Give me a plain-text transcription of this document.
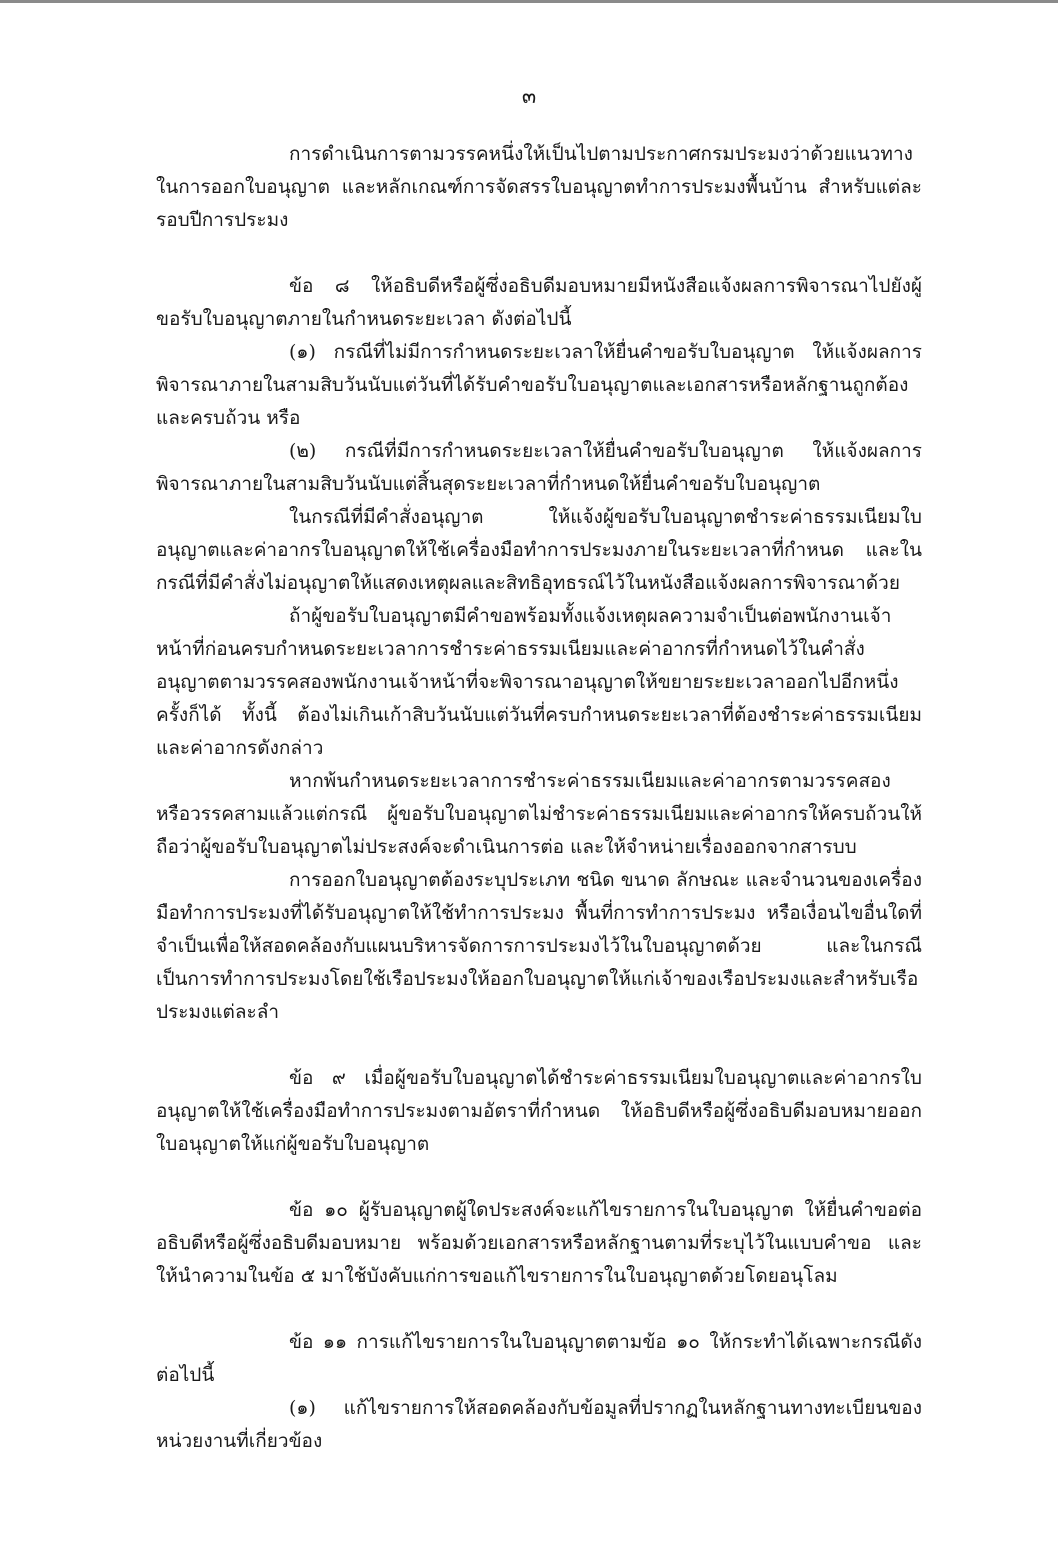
๓

การดำเนินการตามวรรคหนึ่งให้เป็นไปตามประกาศกรมประมงว่าด้วยแนวทางในการออกใบอนุญาต และหลักเกณฑ์การจัดสรรใบอนุญาตทำการประมงพื้นบ้าน สำหรับแต่ละรอบปีการประมง

ข้อ ๘ ให้อธิบดีหรือผู้ซึ่งอธิบดีมอบหมายมีหนังสือแจ้งผลการพิจารณาไปยังผู้ขอรับใบอนุญาตภายในกำหนดระยะเวลา ดังต่อไปนี้

(๑) กรณีที่ไม่มีการกำหนดระยะเวลาให้ยื่นคำขอรับใบอนุญาต ให้แจ้งผลการพิจารณาภายในสามสิบวันนับแต่วันที่ได้รับคำขอรับใบอนุญาตและเอกสารหรือหลักฐานถูกต้องและครบถ้วน หรือ

(๒) กรณีที่มีการกำหนดระยะเวลาให้ยื่นคำขอรับใบอนุญาต ให้แจ้งผลการพิจารณาภายในสามสิบวันนับแต่สิ้นสุดระยะเวลาที่กำหนดให้ยื่นคำขอรับใบอนุญาต

ในกรณีที่มีคำสั่งอนุญาต ให้แจ้งผู้ขอรับใบอนุญาตชำระค่าธรรมเนียมใบอนุญาตและค่าอากรใบอนุญาตให้ใช้เครื่องมือทำการประมงภายในระยะเวลาที่กำหนด และในกรณีที่มีคำสั่งไม่อนุญาตให้แสดงเหตุผลและสิทธิอุทธรณ์ไว้ในหนังสือแจ้งผลการพิจารณาด้วย

ถ้าผู้ขอรับใบอนุญาตมีคำขอพร้อมทั้งแจ้งเหตุผลความจำเป็นต่อพนักงานเจ้าหน้าที่ก่อนครบกำหนดระยะเวลาการชำระค่าธรรมเนียมและค่าอากรที่กำหนดไว้ในคำสั่งอนุญาตตามวรรคสองพนักงานเจ้าหน้าที่จะพิจารณาอนุญาตให้ขยายระยะเวลาออกไปอีกหนึ่งครั้งก็ได้ ทั้งนี้ ต้องไม่เกินเก้าสิบวันนับแต่วันที่ครบกำหนดระยะเวลาที่ต้องชำระค่าธรรมเนียมและค่าอากรดังกล่าว

หากพ้นกำหนดระยะเวลาการชำระค่าธรรมเนียมและค่าอากรตามวรรคสองหรือวรรคสามแล้วแต่กรณี ผู้ขอรับใบอนุญาตไม่ชำระค่าธรรมเนียมและค่าอากรให้ครบถ้วนให้ถือว่าผู้ขอรับใบอนุญาตไม่ประสงค์จะดำเนินการต่อ และให้จำหน่ายเรื่องออกจากสารบบ

การออกใบอนุญาตต้องระบุประเภท ชนิด ขนาด ลักษณะ และจำนวนของเครื่องมือทำการประมงที่ได้รับอนุญาตให้ใช้ทำการประมง พื้นที่การทำการประมง หรือเงื่อนไขอื่นใดที่จำเป็นเพื่อให้สอดคล้องกับแผนบริหารจัดการการประมงไว้ในใบอนุญาตด้วย และในกรณีเป็นการทำการประมงโดยใช้เรือประมงให้ออกใบอนุญาตให้แก่เจ้าของเรือประมงและสำหรับเรือประมงแต่ละลำ

ข้อ ๙ เมื่อผู้ขอรับใบอนุญาตได้ชำระค่าธรรมเนียมใบอนุญาตและค่าอากรใบอนุญาตให้ใช้เครื่องมือทำการประมงตามอัตราที่กำหนด ให้อธิบดีหรือผู้ซึ่งอธิบดีมอบหมายออกใบอนุญาตให้แก่ผู้ขอรับใบอนุญาต

ข้อ ๑๐ ผู้รับอนุญาตผู้ใดประสงค์จะแก้ไขรายการในใบอนุญาต ให้ยื่นคำขอต่ออธิบดีหรือผู้ซึ่งอธิบดีมอบหมาย พร้อมด้วยเอกสารหรือหลักฐานตามที่ระบุไว้ในแบบคำขอ และให้นำความในข้อ ๕ มาใช้บังคับแก่การขอแก้ไขรายการในใบอนุญาตด้วยโดยอนุโลม

ข้อ ๑๑ การแก้ไขรายการในใบอนุญาตตามข้อ ๑๐ ให้กระทำได้เฉพาะกรณีดังต่อไปนี้

(๑) แก้ไขรายการให้สอดคล้องกับข้อมูลที่ปรากฏในหลักฐานทางทะเบียนของหน่วยงานที่เกี่ยวข้อง
